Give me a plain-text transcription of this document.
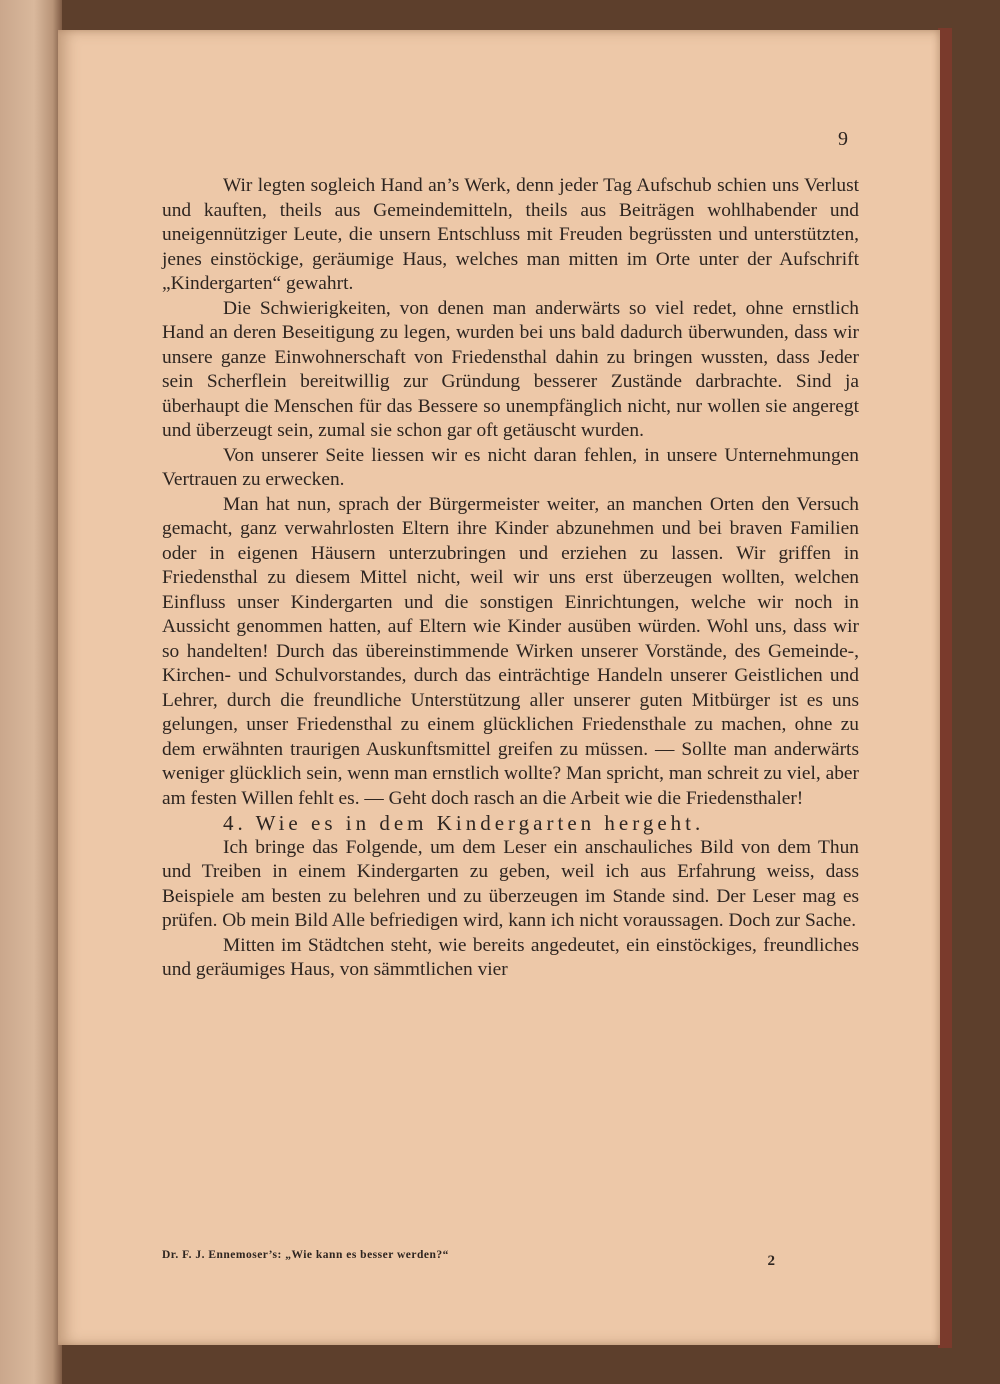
9

Wir legten sogleich Hand an’s Werk, denn jeder Tag Aufschub schien uns Verlust und kauften, theils aus Gemeindemitteln, theils aus Beiträgen wohlhabender und uneigennütziger Leute, die unsern Entschluss mit Freuden begrüssten und unterstützten, jenes einstöckige, geräumige Haus, welches man mitten im Orte unter der Aufschrift „Kindergarten“ gewahrt.

Die Schwierigkeiten, von denen man anderwärts so viel redet, ohne ernstlich Hand an deren Beseitigung zu legen, wurden bei uns bald dadurch überwunden, dass wir unsere ganze Einwohnerschaft von Friedensthal dahin zu bringen wussten, dass Jeder sein Scherflein bereitwillig zur Gründung besserer Zustände darbrachte. Sind ja überhaupt die Menschen für das Bessere so unempfänglich nicht, nur wollen sie angeregt und überzeugt sein, zumal sie schon gar oft getäuscht wurden.

Von unserer Seite liessen wir es nicht daran fehlen, in unsere Unternehmungen Vertrauen zu erwecken.

Man hat nun, sprach der Bürgermeister weiter, an manchen Orten den Versuch gemacht, ganz verwahrlosten Eltern ihre Kinder abzunehmen und bei braven Familien oder in eigenen Häusern unterzubringen und erziehen zu lassen. Wir griffen in Friedensthal zu diesem Mittel nicht, weil wir uns erst überzeugen wollten, welchen Einfluss unser Kindergarten und die sonstigen Einrichtungen, welche wir noch in Aussicht genommen hatten, auf Eltern wie Kinder ausüben würden. Wohl uns, dass wir so handelten! Durch das übereinstimmende Wirken unserer Vorstände, des Gemeinde-, Kirchen- und Schulvorstandes, durch das einträchtige Handeln unserer Geistlichen und Lehrer, durch die freundliche Unterstützung aller unserer guten Mitbürger ist es uns gelungen, unser Friedensthal zu einem glücklichen Friedensthale zu machen, ohne zu dem erwähnten traurigen Auskunftsmittel greifen zu müssen. — Sollte man anderwärts weniger glücklich sein, wenn man ernstlich wollte? Man spricht, man schreit zu viel, aber am festen Willen fehlt es. — Geht doch rasch an die Arbeit wie die Friedensthaler!

4. Wie es in dem Kindergarten hergeht.

Ich bringe das Folgende, um dem Leser ein anschauliches Bild von dem Thun und Treiben in einem Kindergarten zu geben, weil ich aus Erfahrung weiss, dass Beispiele am besten zu belehren und zu überzeugen im Stande sind. Der Leser mag es prüfen. Ob mein Bild Alle befriedigen wird, kann ich nicht voraussagen. Doch zur Sache.

Mitten im Städtchen steht, wie bereits angedeutet, ein einstöckiges, freundliches und geräumiges Haus, von sämmtlichen vier

Dr. F. J. Ennemoser’s: „Wie kann es besser werden?“	2
